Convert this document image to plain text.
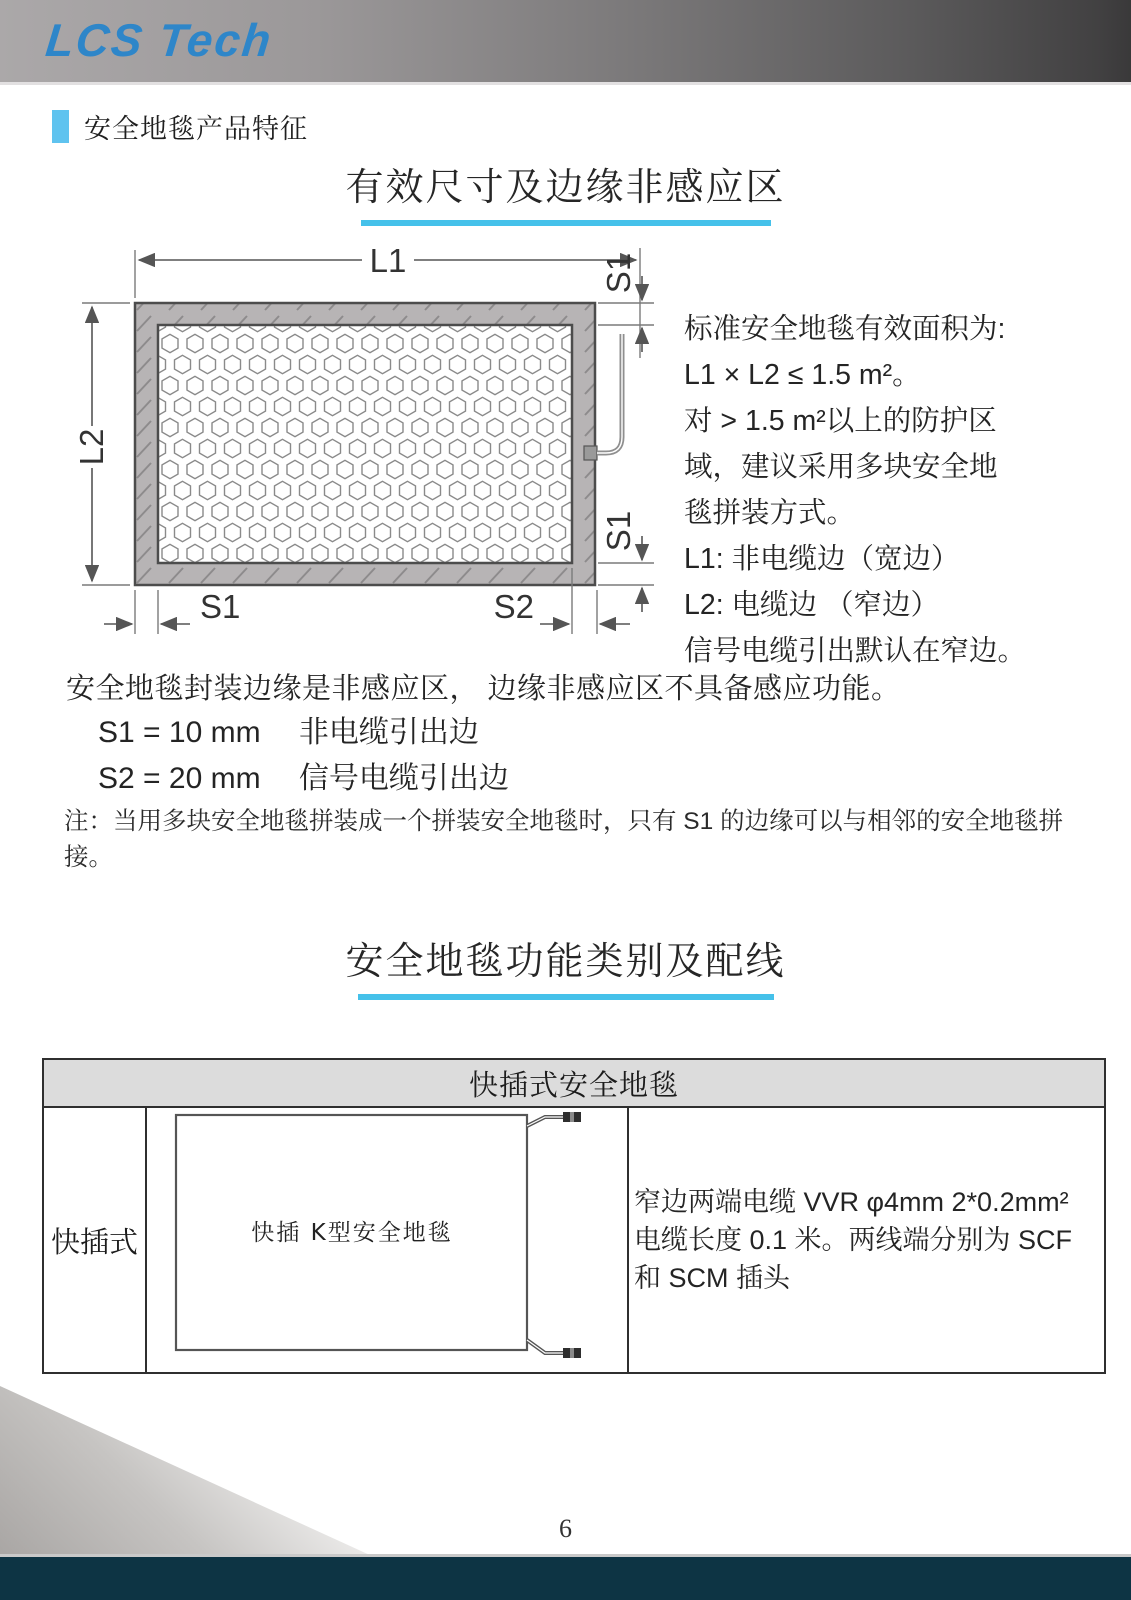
LCS Tech
安全地毯产品特征
有效尺寸及边缘非感应区
L1
L2
S1
S1
S1	S2
标准安全地毯有效面积为:
L1 × L2 ≤ 1.5 m²。
对 > 1.5 m²以上的防护区
域，建议采用多块安全地
毯拼装方式。
L1: 非电缆边（宽边）
L2: 电缆边 （窄边）
信号电缆引出默认在窄边。
安全地毯封装边缘是非感应区， 边缘非感应区不具备感应功能。
S1 = 10 mm　 非电缆引出边
S2 = 20 mm　 信号电缆引出边
注：当用多块安全地毯拼装成一个拼装安全地毯时，只有 S1 的边缘可以与相邻的安全地毯拼接。
安全地毯功能类别及配线
快插式安全地毯
快插式	快插 K型安全地毯
窄边两端电缆 VVR φ4mm 2*0.2mm² 电缆长度 0.1 米。两线端分别为 SCF 和 SCM 插头
6
